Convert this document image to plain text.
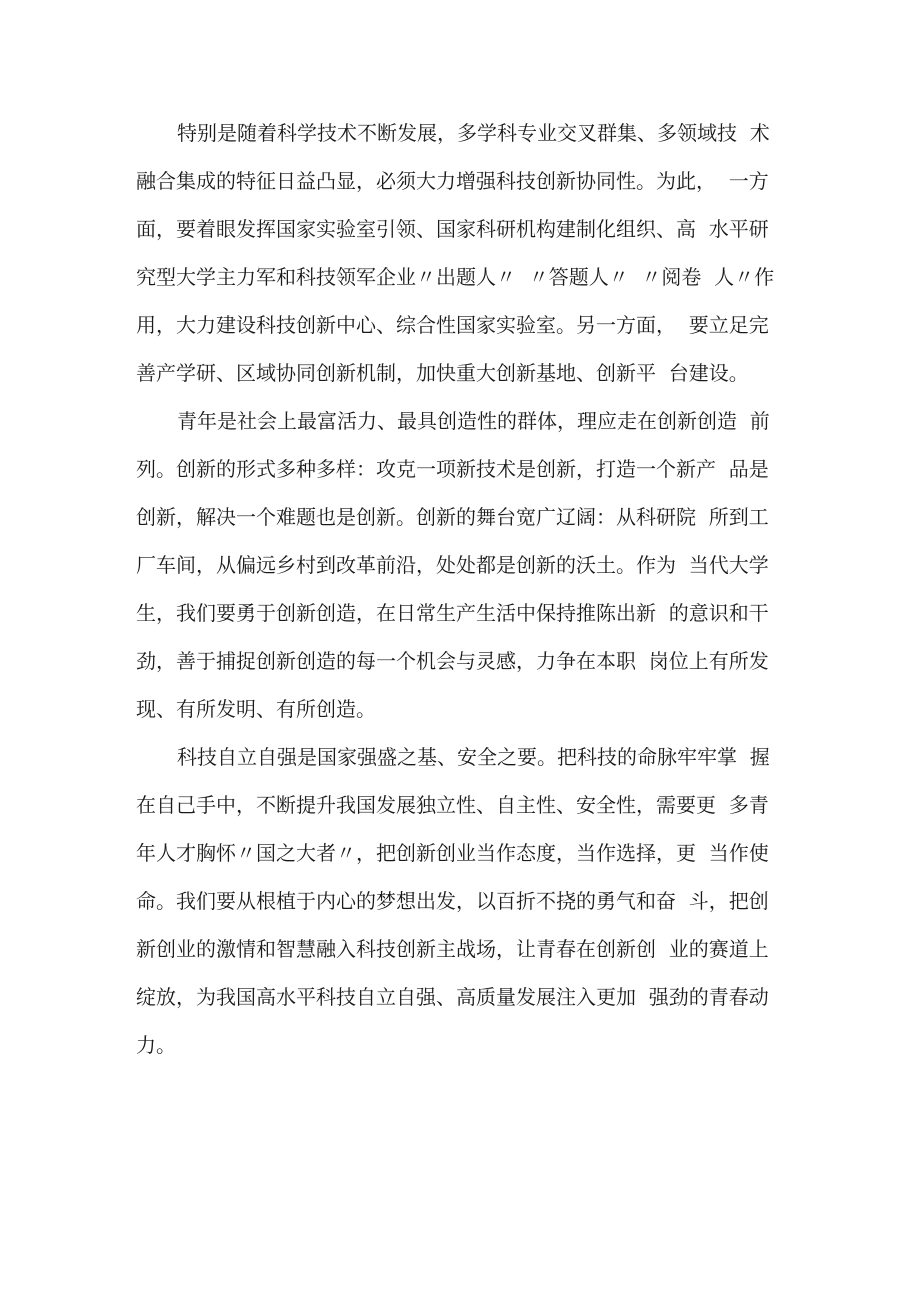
特别是随着科学技术不断发展，多学科专业交叉群集、多领域技  术
融合集成的特征日益凸显，必须大力增强科技创新协同性。为此，  一方
面，要着眼发挥国家实验室引领、国家科研机构建制化组织、高  水平研
究型大学主力军和科技领军企业〃出题人〃  〃答题人〃  〃阅卷  人〃作
用，大力建设科技创新中心、综合性国家实验室。另一方面，  要立足完
善产学研、区域协同创新机制，加快重大创新基地、创新平  台建设。
青年是社会上最富活力、最具创造性的群体，理应走在创新创造  前
列。创新的形式多种多样：攻克一项新技术是创新，打造一个新产  品是
创新，解决一个难题也是创新。创新的舞台宽广辽阔：从科研院  所到工
厂车间，从偏远乡村到改革前沿，处处都是创新的沃土。作为  当代大学
生，我们要勇于创新创造，在日常生产生活中保持推陈出新  的意识和干
劲，善于捕捉创新创造的每一个机会与灵感，力争在本职  岗位上有所发
现、有所发明、有所创造。
科技自立自强是国家强盛之基、安全之要。把科技的命脉牢牢掌  握
在自己手中，不断提升我国发展独立性、自主性、安全性，需要更  多青
年人才胸怀〃国之大者〃，把创新创业当作态度，当作选择，更  当作使
命。我们要从根植于内心的梦想出发，以百折不挠的勇气和奋  斗，把创
新创业的激情和智慧融入科技创新主战场，让青春在创新创  业的赛道上
绽放，为我国高水平科技自立自强、高质量发展注入更加  强劲的青春动
力。
